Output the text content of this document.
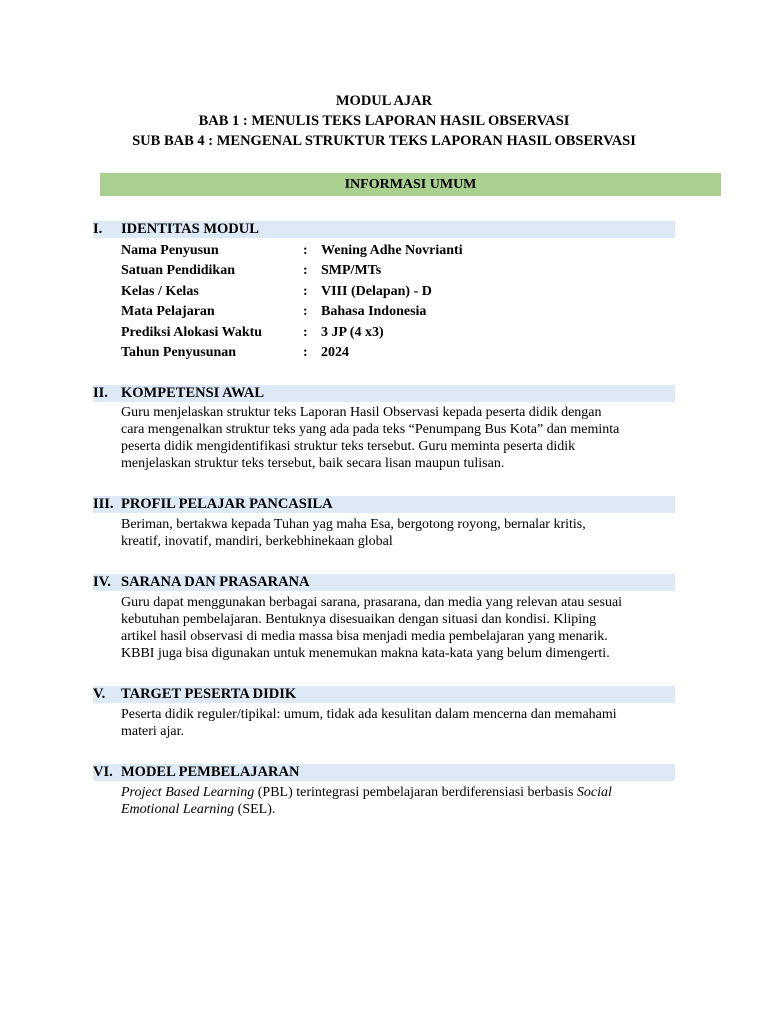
MODUL AJAR
BAB 1 : MENULIS TEKS LAPORAN HASIL OBSERVASI
SUB BAB 4 : MENGENAL STRUKTUR TEKS LAPORAN HASIL OBSERVASI
INFORMASI UMUM
I. IDENTITAS MODUL
Nama Penyusun	: Wening Adhe Novrianti
Satuan Pendidikan	: SMP/MTs
Kelas / Kelas	: VIII (Delapan) - D
Mata Pelajaran	: Bahasa Indonesia
Prediksi Alokasi Waktu	: 3 JP (4 x3)
Tahun Penyusunan	: 2024
II. KOMPETENSI AWAL
Guru menjelaskan struktur teks Laporan Hasil Observasi kepada peserta didik dengan
cara mengenalkan struktur teks yang ada pada teks “Penumpang Bus Kota” dan meminta
peserta didik mengidentifikasi struktur teks tersebut. Guru meminta peserta didik
menjelaskan struktur teks tersebut, baik secara lisan maupun tulisan.
III. PROFIL PELAJAR PANCASILA
Beriman, bertakwa kepada Tuhan yag maha Esa, bergotong royong, bernalar kritis,
kreatif, inovatif, mandiri, berkebhinekaan global
IV. SARANA DAN PRASARANA
Guru dapat menggunakan berbagai sarana, prasarana, dan media yang relevan atau sesuai
kebutuhan pembelajaran. Bentuknya disesuaikan dengan situasi dan kondisi. Kliping
artikel hasil observasi di media massa bisa menjadi media pembelajaran yang menarik.
KBBI juga bisa digunakan untuk menemukan makna kata-kata yang belum dimengerti.
V. TARGET PESERTA DIDIK
Peserta didik reguler/tipikal: umum, tidak ada kesulitan dalam mencerna dan memahami
materi ajar.
VI. MODEL PEMBELAJARAN
Project Based Learning (PBL) terintegrasi pembelajaran berdiferensiasi berbasis Social
Emotional Learning (SEL).
